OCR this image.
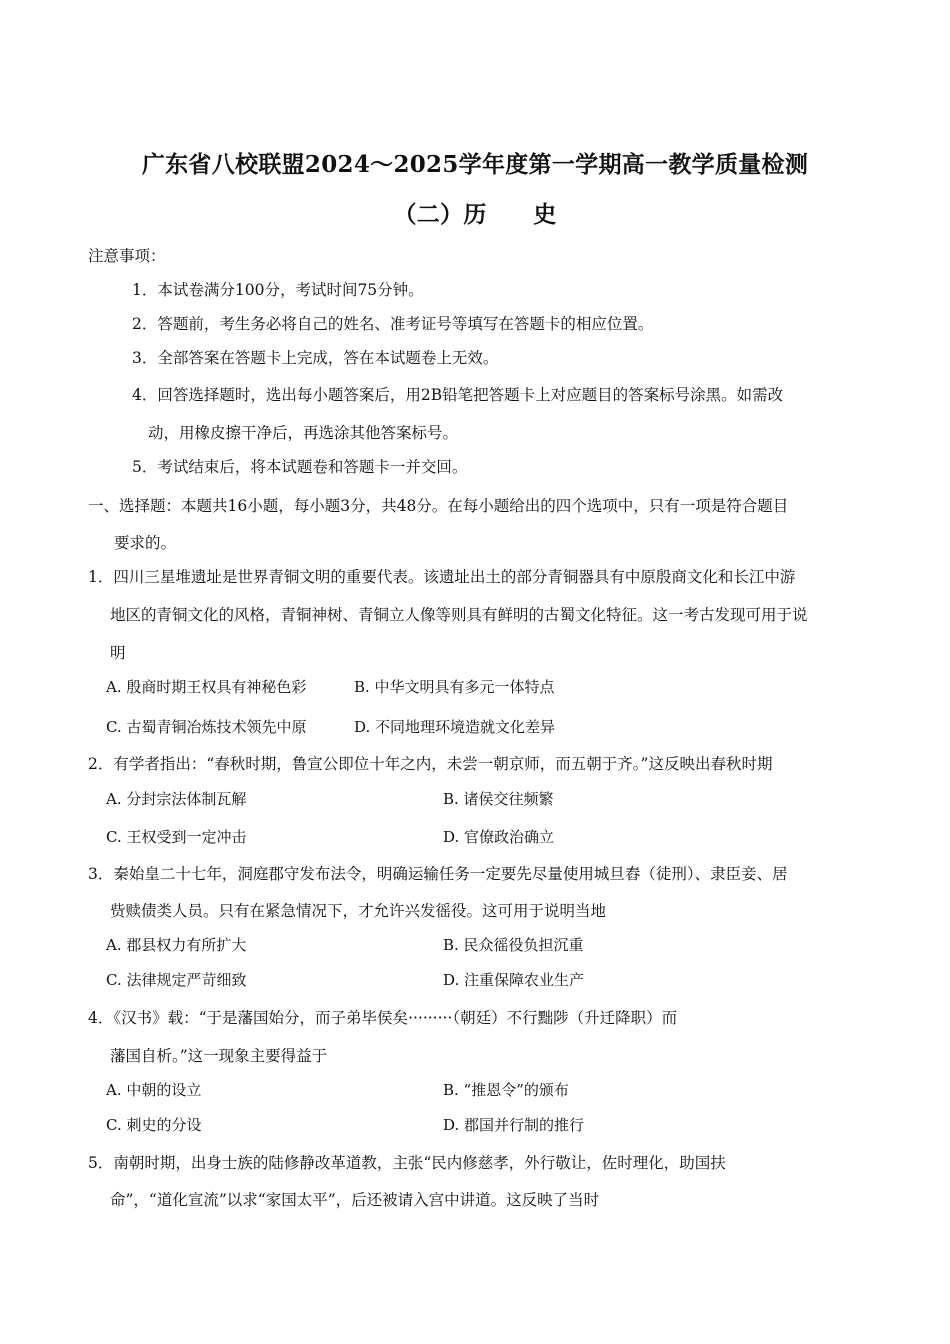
广东省八校联盟2024～2025学年度第一学期高一教学质量检测
（二）历　　史
注意事项：
1．本试卷满分100分，考试时间75分钟。
2．答题前，考生务必将自己的姓名、准考证号等填写在答题卡的相应位置。
3．全部答案在答题卡上完成，答在本试题卷上无效。
4．回答选择题时，选出每小题答案后，用2B铅笔把答题卡上对应题目的答案标号涂黑。如需改
动，用橡皮擦干净后，再选涂其他答案标号。
5．考试结束后，将本试题卷和答题卡一并交回。
一、选择题：本题共16小题，每小题3分，共48分。在每小题给出的四个选项中，只有一项是符合题目
要求的。
1．四川三星堆遗址是世界青铜文明的重要代表。该遗址出土的部分青铜器具有中原殷商文化和长江中游
地区的青铜文化的风格，青铜神树、青铜立人像等则具有鲜明的古蜀文化特征。这一考古发现可用于说
明
A. 殷商时期王权具有神秘色彩	B. 中华文明具有多元一体特点
C. 古蜀青铜冶炼技术领先中原	D. 不同地理环境造就文化差异
2．有学者指出：“春秋时期，鲁宣公即位十年之内，未尝一朝京师，而五朝于齐。”这反映出春秋时期
A. 分封宗法体制瓦解	B. 诸侯交往频繁
C. 王权受到一定冲击	D. 官僚政治确立
3．秦始皇二十七年，洞庭郡守发布法令，明确运输任务一定要先尽量使用城旦舂（徒刑）、隶臣妾、居
赀赎债类人员。只有在紧急情况下，才允许兴发徭役。这可用于说明当地
A. 郡县权力有所扩大	B. 民众徭役负担沉重
C. 法律规定严苛细致	D. 注重保障农业生产
4．《汉书》载：“于是藩国始分，而子弟毕侯矣·········（朝廷）不行黜陟（升迁降职）而
藩国自析。”这一现象主要得益于
A. 中朝的设立	B. “推恩令”的颁布
C. 刺史的分设	D. 郡国并行制的推行
5．南朝时期，出身士族的陆修静改革道教，主张“民内修慈孝，外行敬让，佐时理化，助国扶
命”，“道化宣流”以求“家国太平”，后还被请入宫中讲道。这反映了当时
